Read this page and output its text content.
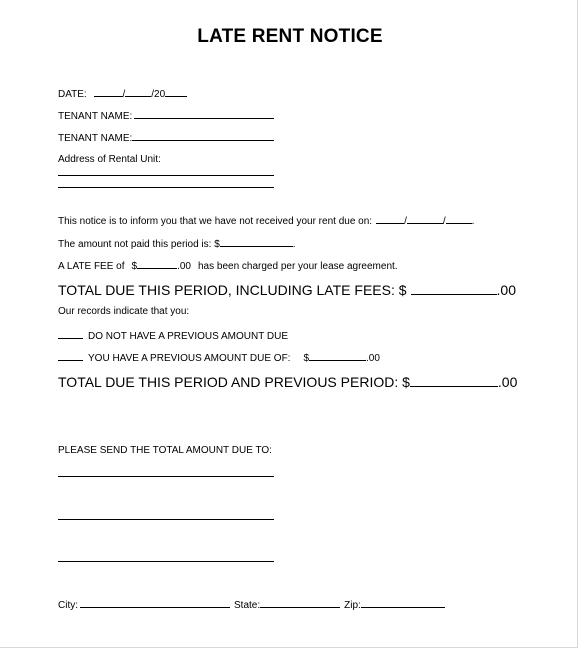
LATE RENT NOTICE
DATE:	/	/20
TENANT NAME:
TENANT NAME:
Address of Rental Unit:
This notice is to inform you that we have not received your rent due on:	/	/	.
The amount not paid this period is: $	.
A LATE FEE of $	.00 has been charged per your lease agreement.
TOTAL DUE THIS PERIOD, INCLUDING LATE FEES: $	.00
Our records indicate that you:
DO NOT HAVE A PREVIOUS AMOUNT DUE
YOU HAVE A PREVIOUS AMOUNT DUE OF: $	.00
TOTAL DUE THIS PERIOD AND PREVIOUS PERIOD: $	.00
PLEASE SEND THE TOTAL AMOUNT DUE TO:
City:	State:	Zip:
